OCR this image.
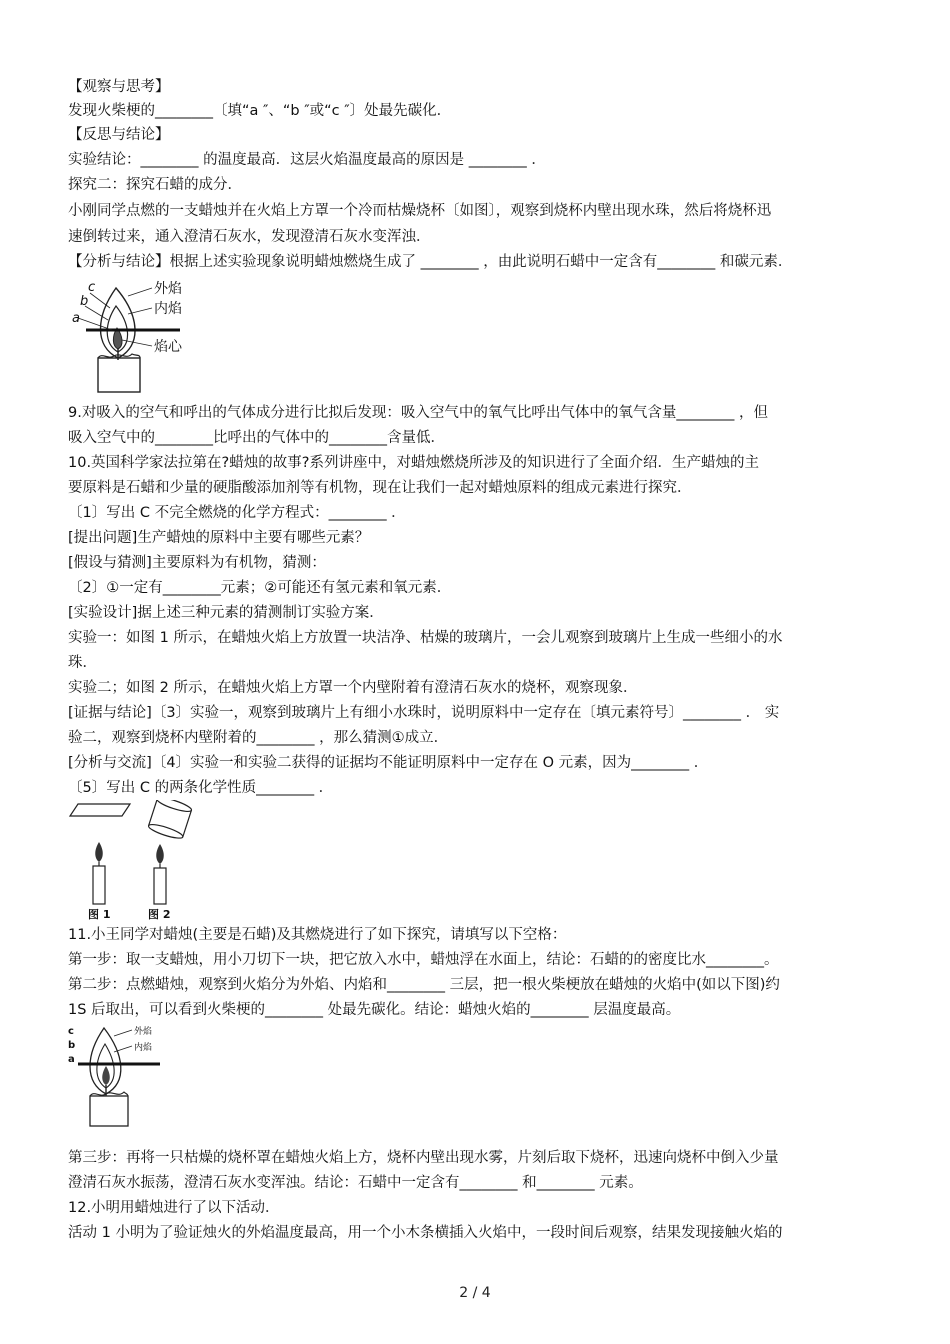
【观察与思考】
发现火柴梗的________〔填“a ″、“b ″或“c ″〕处最先碳化．
【反思与结论】
实验结论：________ 的温度最高．这层火焰温度最高的原因是 ________ ．
探究二：探究石蜡的成分．
小刚同学点燃的一支蜡烛并在火焰上方罩一个冷而枯燥烧杯〔如图〕，观察到烧杯内壁出现水珠，然后将烧杯迅
速倒转过来，通入澄清石灰水，发现澄清石灰水变浑浊．
【分析与结论】根据上述实验现象说明蜡烛燃烧生成了 ________ ，由此说明石蜡中一定含有________ 和碳元素．
c
b
a
外焰
内焰
焰心
9.对吸入的空气和呼出的气体成分进行比拟后发现：吸入空气中的氧气比呼出气体中的氧气含量________ ，但
吸入空气中的________比呼出的气体中的________含量低．
10.英国科学家法拉第在?蜡烛的故事?系列讲座中，对蜡烛燃烧所涉及的知识进行了全面介绍．生产蜡烛的主
要原料是石蜡和少量的硬脂酸添加剂等有机物，现在让我们一起对蜡烛原料的组成元素进行探究．
〔1〕写出 C 不完全燃烧的化学方程式：________ ．
[提出问题]生产蜡烛的原料中主要有哪些元素？
[假设与猜测]主要原料为有机物，猜测：
〔2〕①一定有________元素；②可能还有氢元素和氧元素．
[实验设计]据上述三种元素的猜测制订实验方案．
实验一：如图 1 所示，在蜡烛火焰上方放置一块洁净、枯燥的玻璃片，一会儿观察到玻璃片上生成一些细小的水
珠．
实验二；如图 2 所示，在蜡烛火焰上方罩一个内壁附着有澄清石灰水的烧杯，观察现象．
[证据与结论]〔3〕实验一，观察到玻璃片上有细小水珠时，说明原料中一定存在〔填元素符号〕________ ． 实
验二，观察到烧杯内壁附着的________ ，那么猜测①成立．
[分析与交流]〔4〕实验一和实验二获得的证据均不能证明原料中一定存在 O 元素，因为________ ．
〔5〕写出 C 的两条化学性质________ ．
图 1	图 2
11.小王同学对蜡烛(主要是石蜡)及其燃烧进行了如下探究，请填写以下空格：
第一步：取一支蜡烛，用小刀切下一块，把它放入水中，蜡烛浮在水面上，结论：石蜡的的密度比水________。
第二步：点燃蜡烛，观察到火焰分为外焰、内焰和________ 三层，把一根火柴梗放在蜡烛的火焰中(如以下图)约
1S 后取出，可以看到火柴梗的________ 处最先碳化。结论：蜡烛火焰的________ 层温度最高。
c
b
a
外焰
内焰
第三步：再将一只枯燥的烧杯罩在蜡烛火焰上方，烧杯内壁出现水雾，片刻后取下烧杯，迅速向烧杯中倒入少量
澄清石灰水振荡，澄清石灰水变浑浊。结论：石蜡中一定含有________ 和________ 元素。
12.小明用蜡烛进行了以下活动．
活动 1 小明为了验证烛火的外焰温度最高，用一个小木条横插入火焰中，一段时间后观察，结果发现接触火焰的
2 / 4
